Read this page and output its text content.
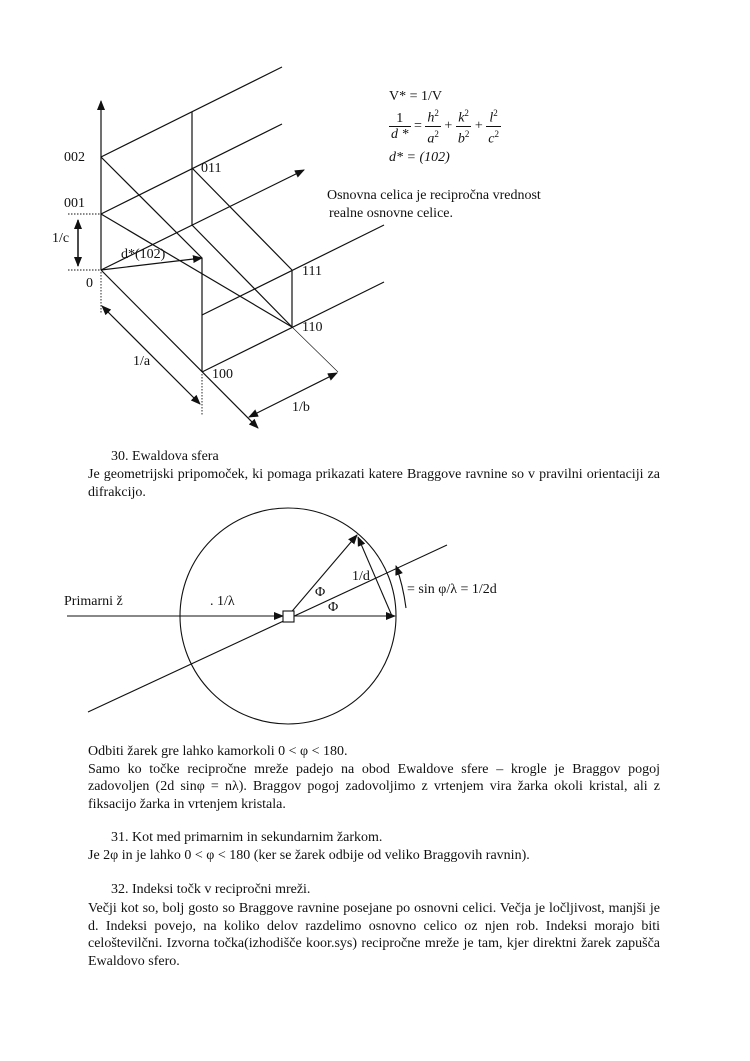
002
001
1/c
0
d*(102)
011
111
110
100
1/a
1/b
V* = 1/V
$\frac{1}{d *} = \frac{h^2}{a^2} + \frac{k^2}{b^2} + \frac{l^2}{c^2}$
d* = (102)
Osnovna celica je recipročna vrednost
realne osnovne celice.
30. Ewaldova sfera

Je geometrijski pripomoček, ki pomaga prikazati katere Braggove ravnine so v pravilni orientaciji za difrakcijo.

Primarni ž	. 1/λ
1/d
Φ
Φ
= sin φ/λ = 1/2d

Odbiti žarek gre lahko kamorkoli 0 < φ < 180.

Samo ko točke recipročne mreže padejo na obod Ewaldove sfere – krogle je Braggov pogoj zadovoljen (2d sinφ = nλ). Braggov pogoj zadovoljimo z vrtenjem vira žarka okoli kristal, ali z fiksacijo žarka in vrtenjem kristala.

31. Kot med primarnim in sekundarnim žarkom.

Je 2φ in je lahko 0 < φ < 180 (ker se žarek odbije od veliko Braggovih ravnin).

32. Indeksi točk v recipročni mreži.

Večji kot so, bolj gosto so Braggove ravnine posejane po osnovni celici. Večja je ločljivost, manjši je d. Indeksi povejo, na koliko delov razdelimo osnovno celico oz njen rob. Indeksi morajo biti celoštevilčni. Izvorna točka(izhodišče koor.sys) recipročne mreže je tam, kjer direktni žarek zapušča Ewaldovo sfero.
